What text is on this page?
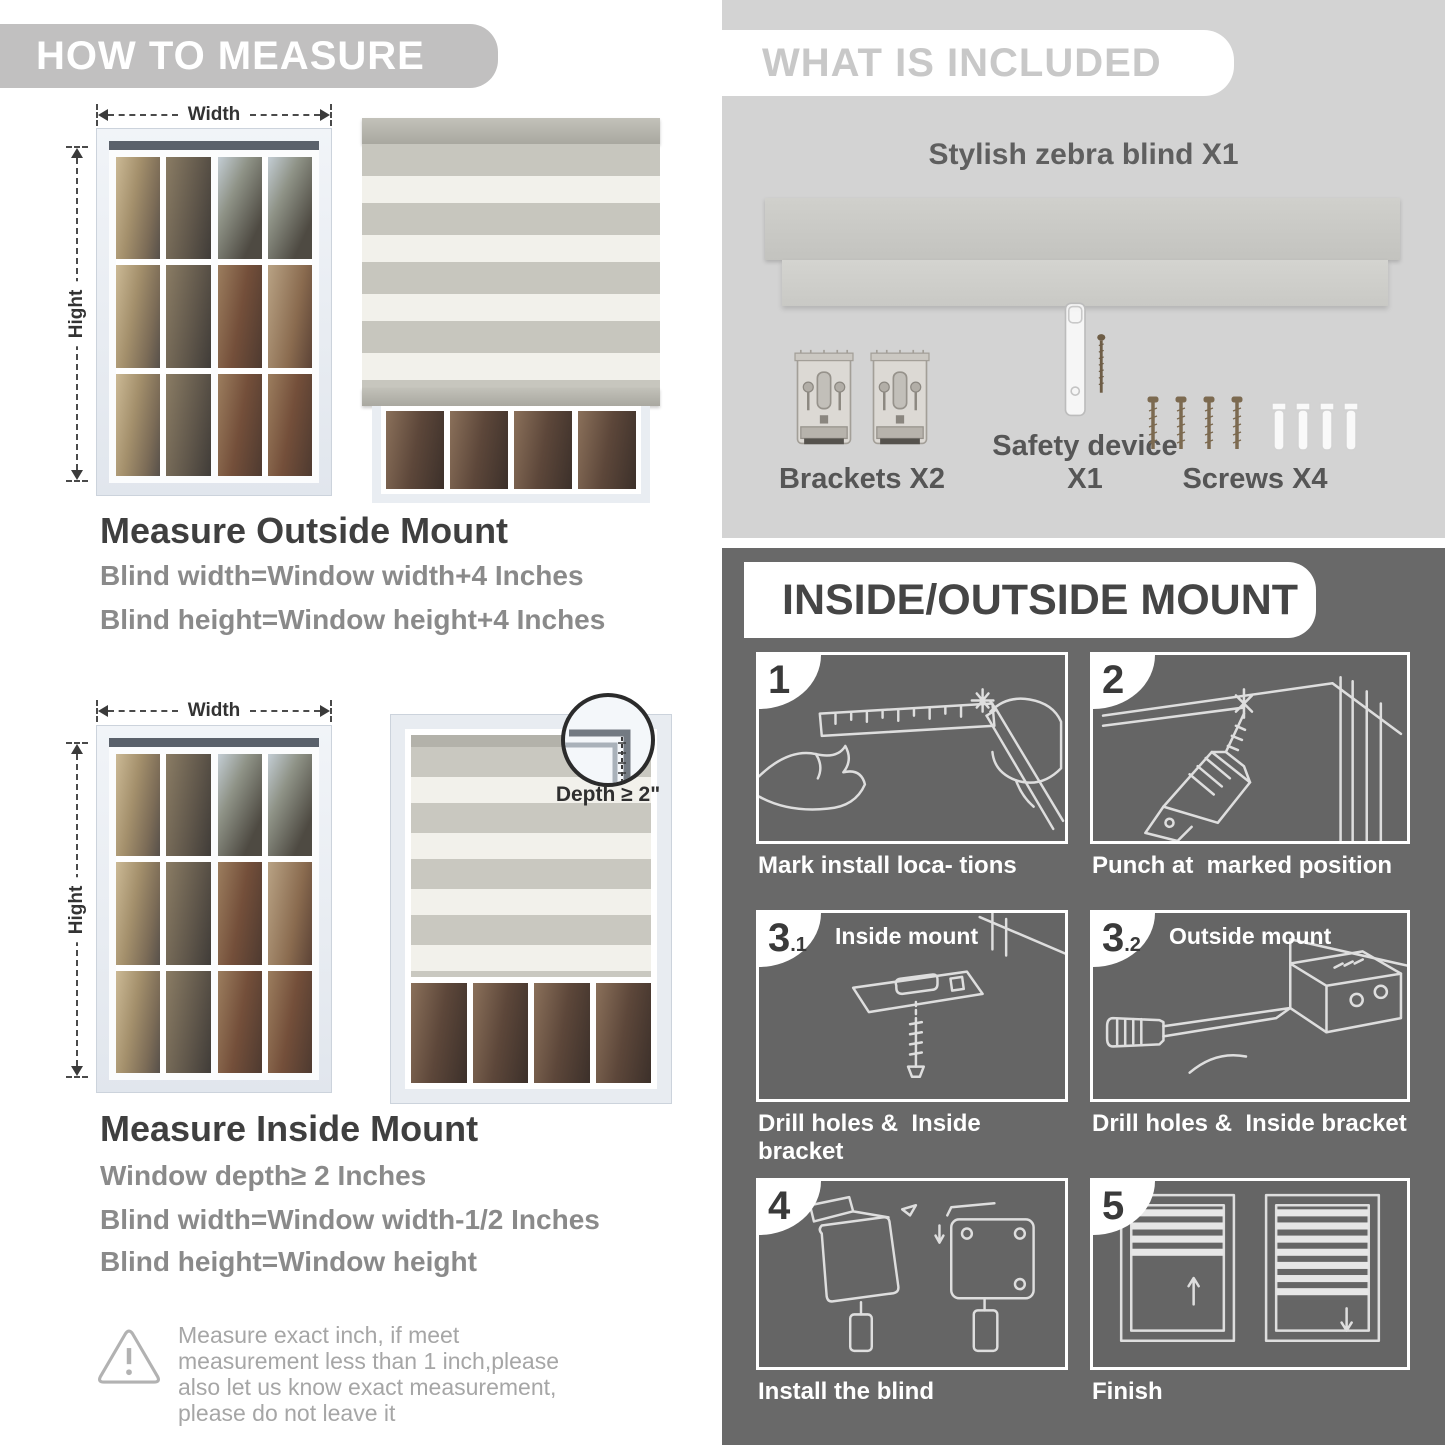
HOW TO MEASURE
Width
Hight
Measure Outside Mount
Blind width=Window width+4 Inches
Blind height=Window height+4 Inches
Width
Hight
Depth ≥ 2"
Measure Inside Mount
Window depth≥ 2 Inches
Blind width=Window width-1/2 Inches
Blind height=Window height
Measure exact inch, if meet measurement less than 1 inch,please also let us know exact measurement, please do not leave it
WHAT IS INCLUDED
Stylish zebra blind X1
Brackets X2
Safety device X1	Screws X4
INSIDE/OUTSIDE MOUNT
1
Mark install loca- tions
2
Punch at  marked position
3.1	Inside mount
Drill holes &  Inside bracket
3.2	Outside mount
Drill holes &  Inside bracket
4
Install the blind
5
Finish
